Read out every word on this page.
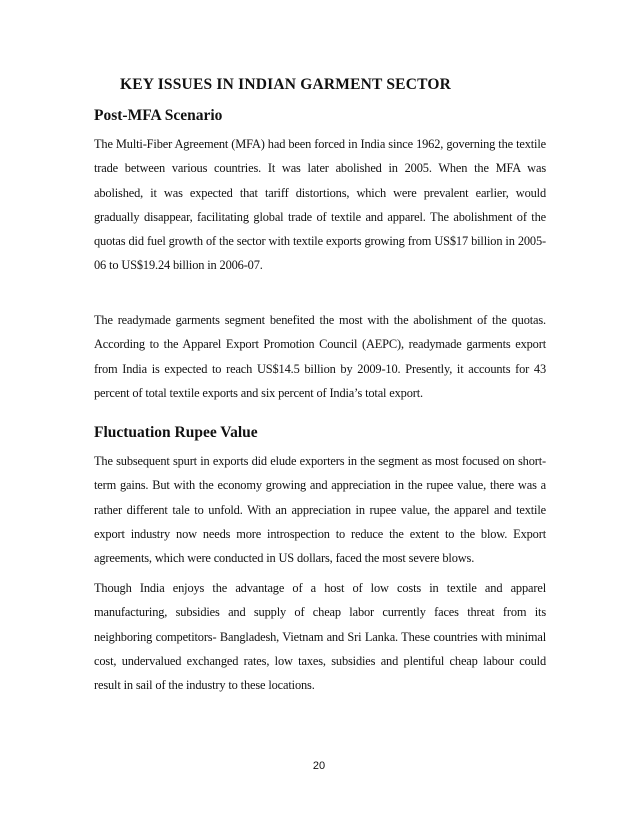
KEY ISSUES IN INDIAN GARMENT SECTOR
Post-MFA Scenario

The Multi-Fiber Agreement (MFA) had been forced in India since 1962, governing the textile trade between various countries. It was later abolished in 2005. When the MFA was abolished, it was expected that tariff distortions, which were prevalent earlier, would gradually disappear, facilitating global trade of textile and apparel. The abolishment of the quotas did fuel growth of the sector with textile exports growing from US$17 billion in 2005-06 to US$19.24 billion in 2006-07.

The readymade garments segment benefited the most with the abolishment of the quotas. According to the Apparel Export Promotion Council (AEPC), readymade garments export from India is expected to reach US$14.5 billion by 2009-10. Presently, it accounts for 43 percent of total textile exports and six percent of India’s total export.

Fluctuation Rupee Value

The subsequent spurt in exports did elude exporters in the segment as most focused on short-term gains. But with the economy growing and appreciation in the rupee value, there was a rather different tale to unfold. With an appreciation in rupee value, the apparel and textile export industry now needs more introspection to reduce the extent to the blow. Export agreements, which were conducted in US dollars, faced the most severe blows.

Though India enjoys the advantage of a host of low costs in textile and apparel manufacturing, subsidies and supply of cheap labor currently faces threat from its neighboring competitors- Bangladesh, Vietnam and Sri Lanka. These countries with minimal cost, undervalued exchanged rates, low taxes, subsidies and plentiful cheap labour could result in sail of the industry to these locations.

20
